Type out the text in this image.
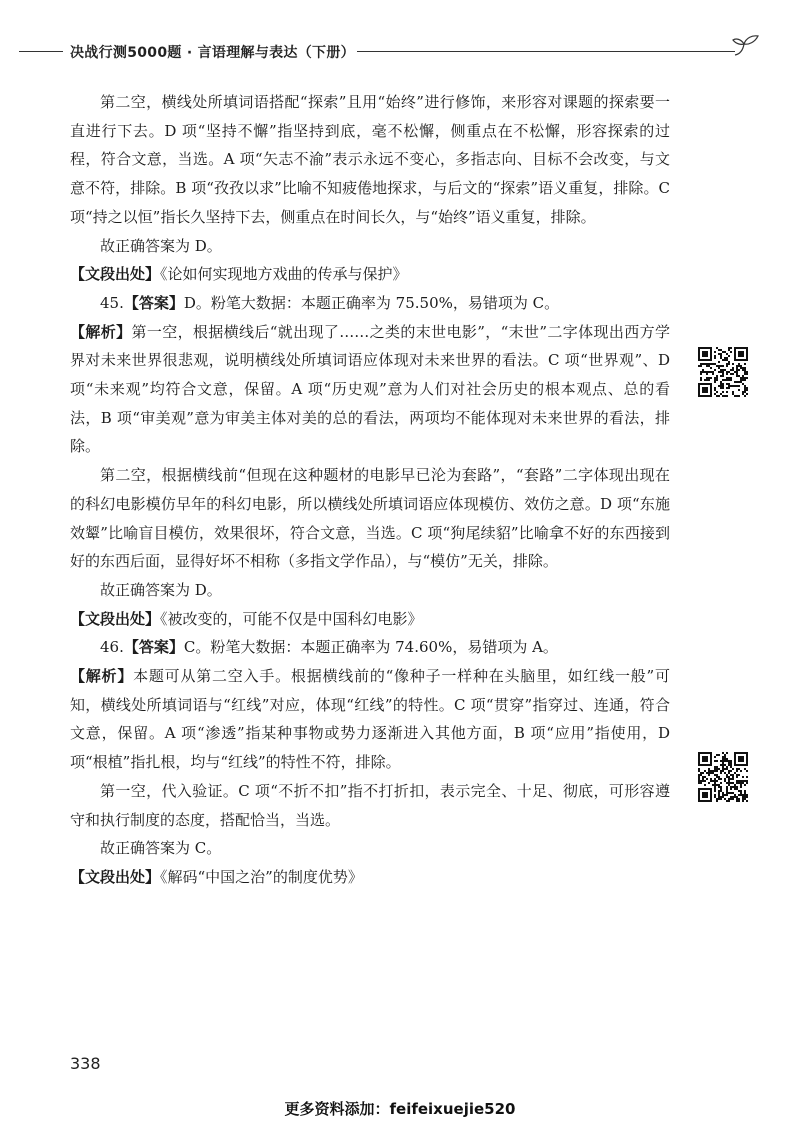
决战行测5000题 · 言语理解与表达（下册）

第二空，横线处所填词语搭配“探索”且用“始终”进行修饰，来形容对课题的探索要一直进行下去。D 项“坚持不懈”指坚持到底，毫不松懈，侧重点在不松懈，形容探索的过程，符合文意，当选。A 项“矢志不渝”表示永远不变心，多指志向、目标不会改变，与文意不符，排除。B 项“孜孜以求”比喻不知疲倦地探求，与后文的“探索”语义重复，排除。C 项“持之以恒”指长久坚持下去，侧重点在时间长久，与“始终”语义重复，排除。

故正确答案为 D。

【文段出处】《论如何实现地方戏曲的传承与保护》

45.【答案】D。粉笔大数据：本题正确率为 75.50%，易错项为 C。

【解析】第一空，根据横线后“就出现了……之类的末世电影”，“末世”二字体现出西方学界对未来世界很悲观，说明横线处所填词语应体现对未来世界的看法。C 项“世界观”、D 项“未来观”均符合文意，保留。A 项“历史观”意为人们对社会历史的根本观点、总的看法，B 项“审美观”意为审美主体对美的总的看法，两项均不能体现对未来世界的看法，排除。

第二空，根据横线前“但现在这种题材的电影早已沦为套路”，“套路”二字体现出现在的科幻电影模仿早年的科幻电影，所以横线处所填词语应体现模仿、效仿之意。D 项“东施效颦”比喻盲目模仿，效果很坏，符合文意，当选。C 项“狗尾续貂”比喻拿不好的东西接到好的东西后面，显得好坏不相称（多指文学作品），与“模仿”无关，排除。

故正确答案为 D。

【文段出处】《被改变的，可能不仅是中国科幻电影》

46.【答案】C。粉笔大数据：本题正确率为 74.60%，易错项为 A。

【解析】本题可从第二空入手。根据横线前的“像种子一样种在头脑里，如红线一般”可知，横线处所填词语与“红线”对应，体现“红线”的特性。C 项“贯穿”指穿过、连通，符合文意，保留。A 项“渗透”指某种事物或势力逐渐进入其他方面，B 项“应用”指使用，D 项“根植”指扎根，均与“红线”的特性不符，排除。

第一空，代入验证。C 项“不折不扣”指不打折扣，表示完全、十足、彻底，可形容遵守和执行制度的态度，搭配恰当，当选。

故正确答案为 C。

【文段出处】《解码“中国之治”的制度优势》

338
更多资料添加：feifeixuejie520
